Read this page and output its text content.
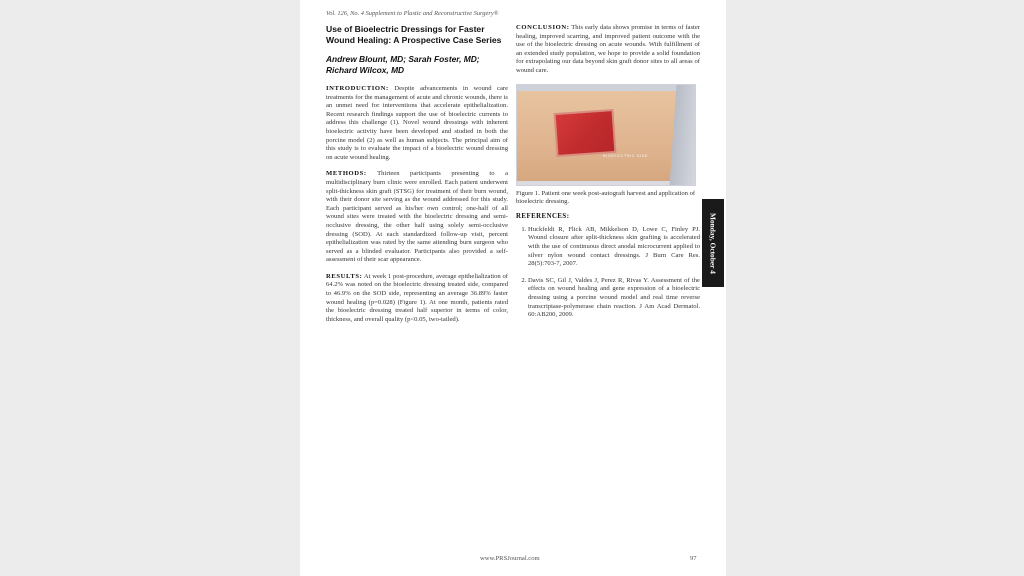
Vol. 126, No. 4 Supplement to Plastic and Reconstructive Surgery®
Use of Bioelectric Dressings for Faster Wound Healing: A Prospective Case Series
Andrew Blount, MD; Sarah Foster, MD; Richard Wilcox, MD

INTRODUCTION: Despite advancements in wound care treatments for the management of acute and chronic wounds, there is an unmet need for interventions that accelerate epithelialization. Recent research findings support the use of bioelectric currents to address this challenge (1). Novel wound dressings with inherent bioelectric activity have been developed and studied in both the porcine model (2) as well as human subjects. The principal aim of this study is to evaluate the impact of a bioelectric wound dressing on acute wound healing.

METHODS: Thirteen participants presenting to a multidisciplinary burn clinic were enrolled. Each patient underwent split-thickness skin graft (STSG) for treatment of their burn wound, with their donor site serving as the wound addressed for this study. Each participant served as his/her own control; one-half of all wound sites were treated with the bioelectric dressing and semi-occlusive dressing, the other half using solely semi-occlusive dressing (SOD). At each standardized follow-up visit, percent epithelialization was rated by the same attending burn surgeon who served as a blinded evaluator. Participants also provided a self-assessment of their scar appearance.

RESULTS: At week 1 post-procedure, average epithelialization of 64.2% was noted on the bioelectric dressing treated side, compared to 46.9% on the SOD side, representing an average 36.89% faster wound healing (p=0.028) (Figure 1). At one month, patients rated the bioelectric dressing treated half superior in terms of color, thickness, and overall quality (p<0.05, two-tailed).

CONCLUSION: This early data shows promise in terms of faster healing, improved scarring, and improved patient outcome with the use of the bioelectric dressing on acute wounds. With fulfillment of an extended study population, we hope to provide a solid foundation for extrapolating our data beyond skin graft donor sites to all areas of wound care.

BIOELECTRIC SIDE
Figure 1. Patient one week post-autograft harvest and application of bioelectric dressing.
REFERENCES:
1. Huckfeldt R, Flick AB, Mikkelson D, Lowe C, Finley PJ. Wound closure after split-thickness skin grafting is accelerated with the use of continuous direct anodal microcurrent applied to silver nylon wound contact dressings. J Burn Care Res. 28(5):703-7, 2007.
2. Davis SC, Gil J, Valdes J, Perez R, Rivas Y. Assessment of the effects on wound healing and gene expression of a bioelectric dressing using a porcine wound model and real time reverse transcriptase-polymerase chain reaction. J Am Acad Dermatol. 60:AB200, 2009.
www.PRSJournal.com	97
Monday, October 4
